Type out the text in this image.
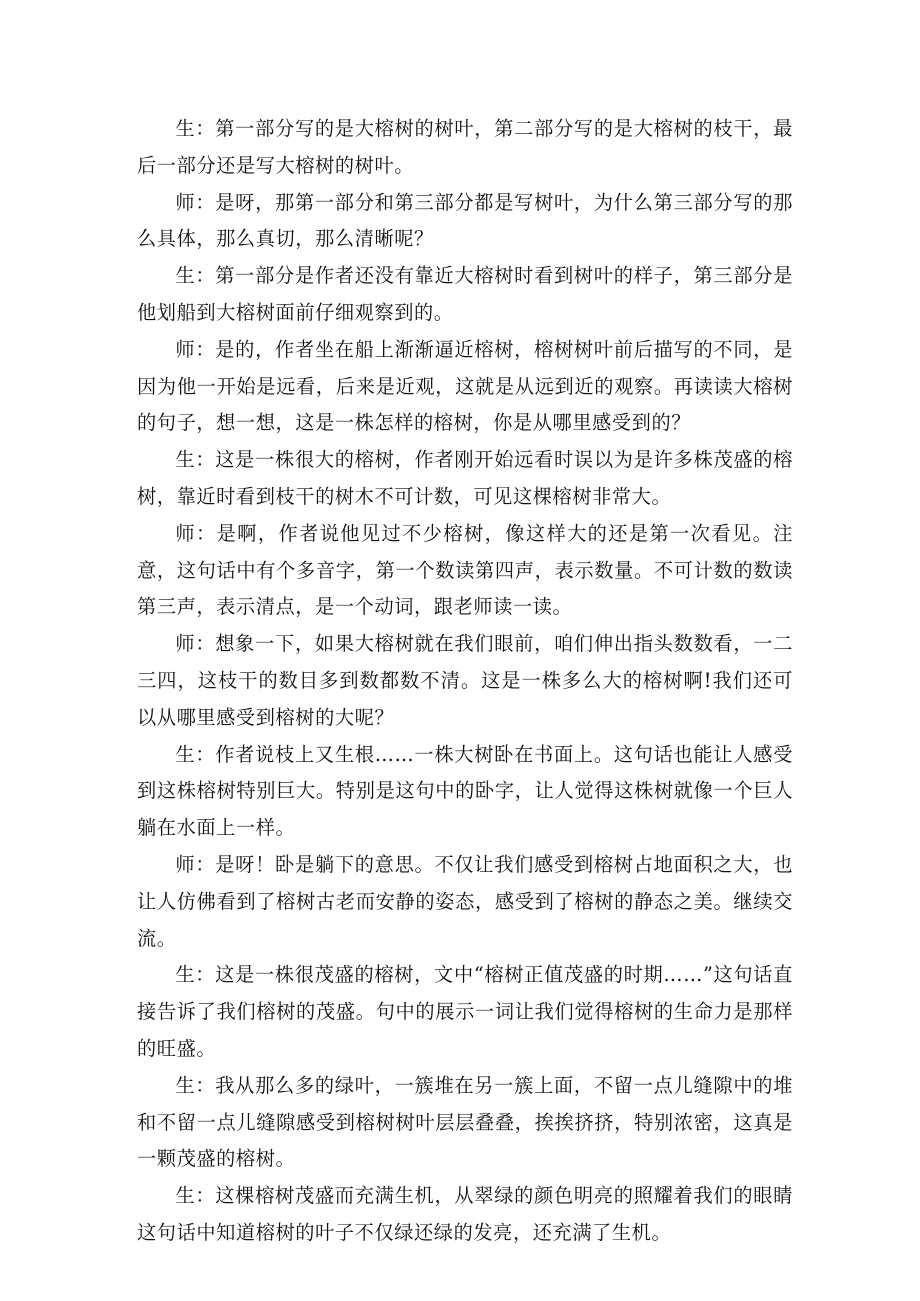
生：第一部分写的是大榕树的树叶，第二部分写的是大榕树的枝干，最后一部分还是写大榕树的树叶。

师：是呀，那第一部分和第三部分都是写树叶，为什么第三部分写的那么具体，那么真切，那么清晰呢？

生：第一部分是作者还没有靠近大榕树时看到树叶的样子，第三部分是他划船到大榕树面前仔细观察到的。

师：是的，作者坐在船上渐渐逼近榕树，榕树树叶前后描写的不同，是因为他一开始是远看，后来是近观，这就是从远到近的观察。再读读大榕树的句子，想一想，这是一株怎样的榕树，你是从哪里感受到的？

生：这是一株很大的榕树，作者刚开始远看时误以为是许多株茂盛的榕树，靠近时看到枝干的树木不可计数，可见这棵榕树非常大。

师：是啊，作者说他见过不少榕树，像这样大的还是第一次看见。注意，这句话中有个多音字，第一个数读第四声，表示数量。不可计数的数读第三声，表示清点，是一个动词，跟老师读一读。

师：想象一下，如果大榕树就在我们眼前，咱们伸出指头数数看，一二三四，这枝干的数目多到数都数不清。这是一株多么大的榕树啊!我们还可以从哪里感受到榕树的大呢？

生：作者说枝上又生根……一株大树卧在书面上。这句话也能让人感受到这株榕树特别巨大。特别是这句中的卧字，让人觉得这株树就像一个巨人躺在水面上一样。

师：是呀！卧是躺下的意思。不仅让我们感受到榕树占地面积之大，也让人仿佛看到了榕树古老而安静的姿态，感受到了榕树的静态之美。继续交流。

生：这是一株很茂盛的榕树，文中“榕树正值茂盛的时期……”这句话直接告诉了我们榕树的茂盛。句中的展示一词让我们觉得榕树的生命力是那样的旺盛。

生：我从那么多的绿叶，一簇堆在另一簇上面，不留一点儿缝隙中的堆和不留一点儿缝隙感受到榕树树叶层层叠叠，挨挨挤挤，特别浓密，这真是一颗茂盛的榕树。

生：这棵榕树茂盛而充满生机，从翠绿的颜色明亮的照耀着我们的眼睛这句话中知道榕树的叶子不仅绿还绿的发亮，还充满了生机。
